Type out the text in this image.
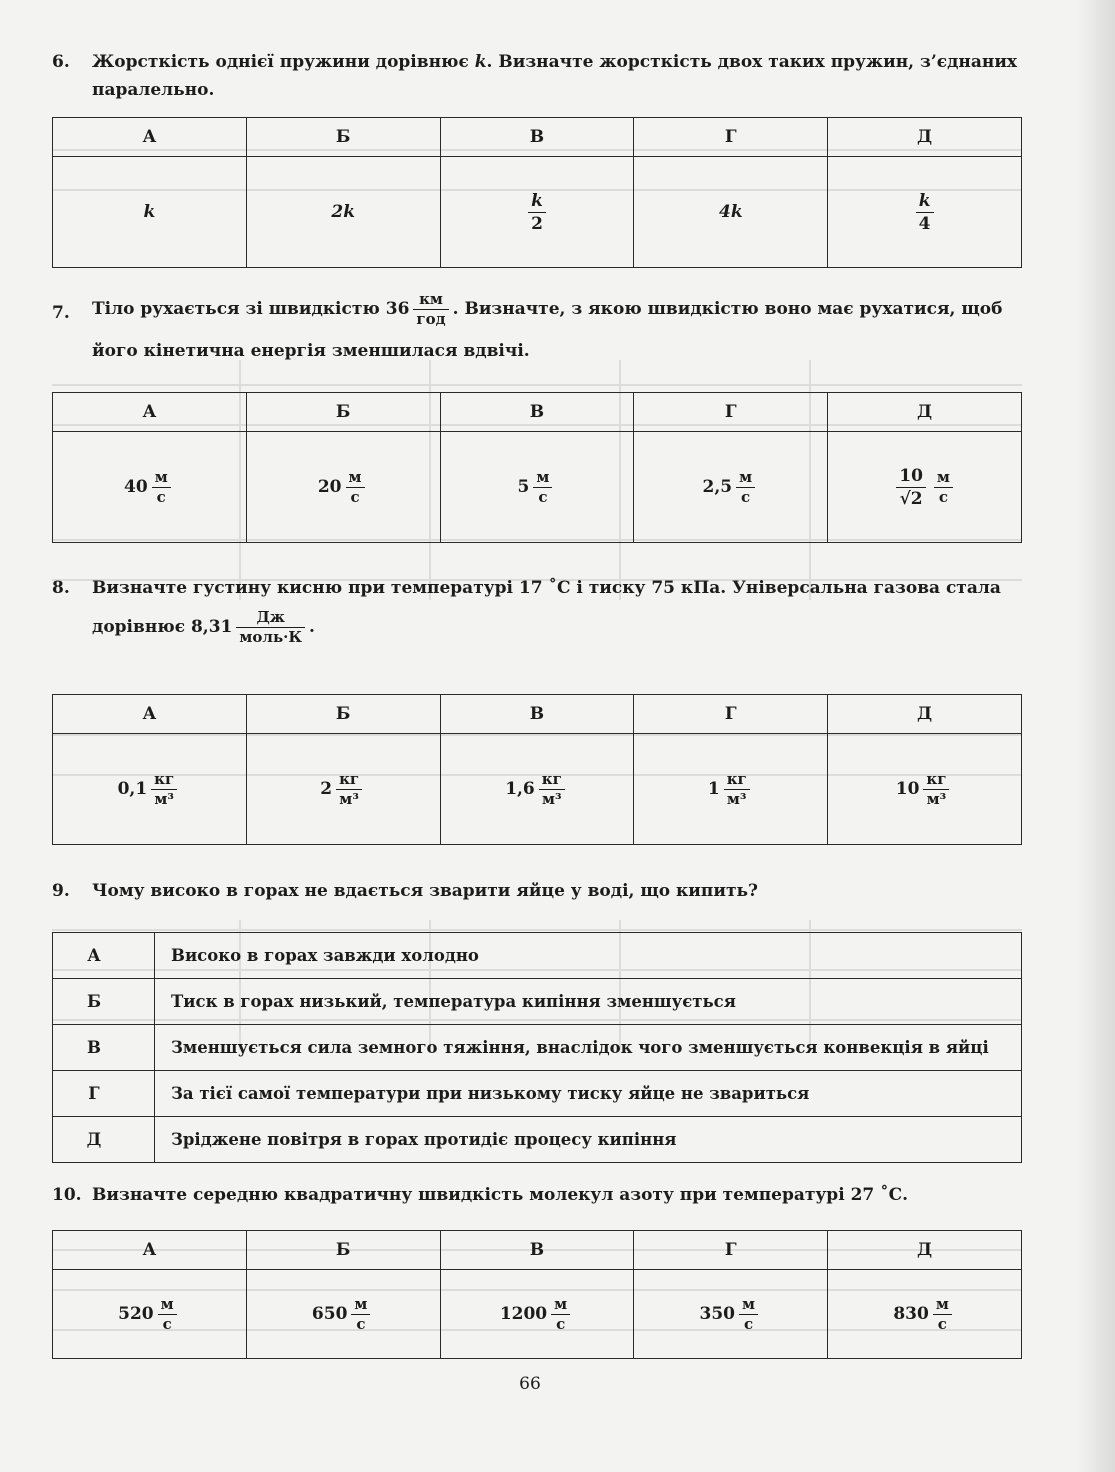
6. Жорсткість однієї пружини дорівнює k. Визначте жорсткість двох таких пружин, з’єднаних
паралельно.
А	Б	В	Г	Д
k	2k	$\frac{k}{2}$	4k	$\frac{k}{4}$
7. Тіло рухається зі швидкістю $36 \frac{км}{\text{год}}$ . Визначте, з якою швидкістю воно має рухатися, щоб
його кінетична енергія зменшилася вдвічі.
А	Б	В	Г	Д
$40 \frac{м}{с}$	$20 \frac{м}{с}$	$5 \frac{м}{с}$	$2,5 \frac{м}{с}$	$\frac{10}{√2} \frac{м}{с}$
8. Визначте густину кисню при температурі 17 ˚С і тиску 75 кПа. Універсальна газова стала
дорівнює $8,31 \frac{Дж}{\text{моль·К}}$ .
А	Б	В	Г	Д
$0,1 \frac{кг}{\text{м³}}$	$2 \frac{кг}{\text{м³}}$	$1,6 \frac{кг}{\text{м³}}$	$1 \frac{кг}{\text{м³}}$	$10 \frac{кг}{\text{м³}}$
9. Чому високо в горах не вдається зварити яйце у воді, що кипить?
А	Високо в горах завжди холодно
Б	Тиск в горах низький, температура кипіння зменшується
В	Зменшується сила земного тяжіння, внаслідок чого зменшується конвекція в яйці
Г	За тієї самої температури при низькому тиску яйце не звариться
Д	Зріджене повітря в горах протидіє процесу кипіння
10. Визначте середню квадратичну швидкість молекул азоту при температурі 27 ˚С.
А	Б	В	Г	Д
$520 \frac{м}{с}$	$650 \frac{м}{с}$	$1200 \frac{м}{с}$	$350 \frac{м}{с}$	$830 \frac{м}{с}$
66
